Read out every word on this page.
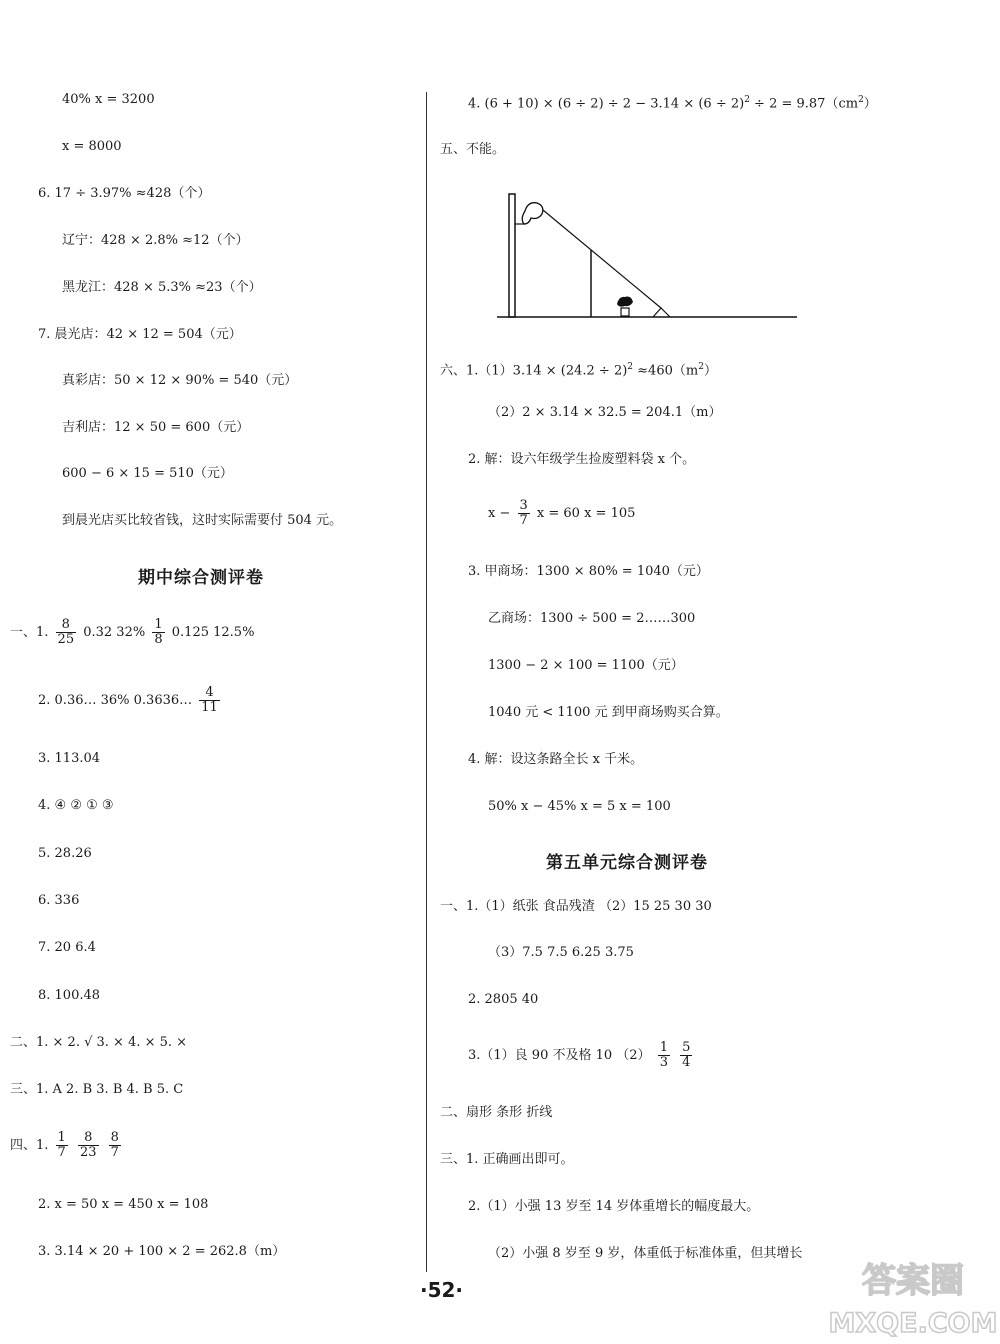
40% x = 3200
x = 8000
6. 17 ÷ 3.97% ≈428（个）
辽宁：428 × 2.8% ≈12（个）
黑龙江：428 × 5.3% ≈23（个）
7. 晨光店：42 × 12 = 504（元）
真彩店：50 × 12 × 90% = 540（元）
吉利店：12 × 50 = 600（元）
600 − 6 × 15 = 510（元）
到晨光店买比较省钱，这时实际需要付 504 元。
期中综合测评卷
一、1. $\frac{8}{25} 0.32$ $32\% \frac{1}{8} 0.125$ 12.5%
2. 0.36… 36% 0.3636… $\frac{4}{11}$
3. 113.04
4. ④ ② ① ③
5. 28.26
6. 336
7. 20 6.4
8. 100.48
二、1. × 2. √ 3. × 4. × 5. ×
三、1. A 2. B 3. B 4. B 5. C
四、1. $\frac{1}{7}$
$\frac{8}{23}$
$\frac{8}{7}$
2. x = 50 x = 450 x = 108
3. 3.14 × 20 + 100 × 2 = 262.8（m）
4. $(6 + 10) \times (6 \div 2) \div 2 - 3.14 \times (6 \div 2)^2 \div 2 = 9.87(cm^2)$
五、不能。
六、$1.(1)3.14 \times (24.2 \div 2)^2 \approx 460(m^2)$
（2）2 × 3.14 × 32.5 = 204.1（m）
2. 解：设六年级学生捡废塑料袋 x 个。
$x - \frac{3}{7}$ x = 60 x = 105
3. 甲商场：1300 × 80% = 1040（元）
乙商场：1300 ÷ 500 = 2……300
1300 − 2 × 100 = 1100（元）
1040 元 < 1100 元 到甲商场购买合算。
4. 解：设这条路全长 x 千米。
50% x − 45% x = 5 x = 100
第五单元综合测评卷
一、1.（1）纸张 食品残渣 （2）15 25 30 30
（3）7.5 7.5 6.25 3.75
2. 2805 40
3.（1）良 90 不及格 10 $(2) \frac{1}{3}$
$\frac{5}{4}$
二、扇形 条形 折线
三、1. 正确画出即可。
2.（1）小强 13 岁至 14 岁体重增长的幅度最大。
（2）小强 8 岁至 9 岁，体重低于标准体重，但其增长
·52·	答案圈
MXQE.COM
